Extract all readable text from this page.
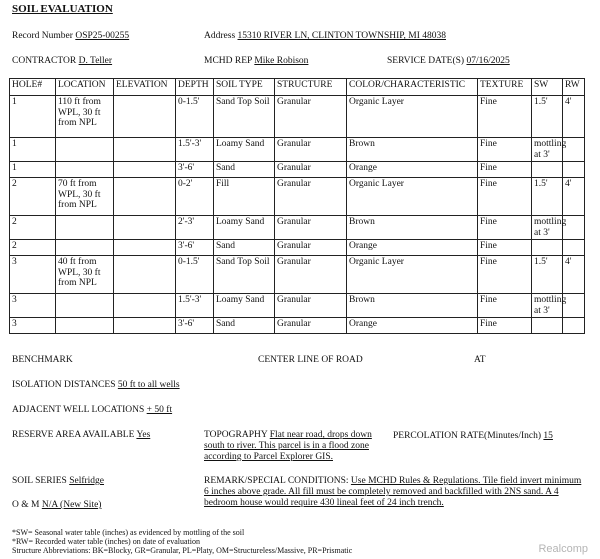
SOIL EVALUATION
Record Number OSP25-00255	Address 15310 RIVER LN, CLINTON TOWNSHIP, MI 48038
CONTRACTOR D. Teller	MCHD REP Mike Robison	SERVICE DATE(S) 07/16/2025
HOLE#	LOCATION	ELEVATION	DEPTH	SOIL TYPE	STRUCTURE	COLOR/CHARACTERISTIC	TEXTURE	SW	RW
1	110 ft from WPL, 30 ft from NPL		0-1.5'	Sand Top Soil	Granular	Organic Layer	Fine	1.5'	4'
1			1.5'-3'	Loamy Sand	Granular	Brown	Fine	mottling at 3'	
1			3'-6'	Sand	Granular	Orange	Fine		
2	70 ft from WPL, 30 ft from NPL		0-2'	Fill	Granular	Organic Layer	Fine	1.5'	4'
2			2'-3'	Loamy Sand	Granular	Brown	Fine	mottling at 3'	
2			3'-6'	Sand	Granular	Orange	Fine		
3	40 ft from WPL, 30 ft from NPL		0-1.5'	Sand Top Soil	Granular	Organic Layer	Fine	1.5'	4'
3			1.5'-3'	Loamy Sand	Granular	Brown	Fine	mottling at 3'	
3			3'-6'	Sand	Granular	Orange	Fine		
BENCHMARK	CENTER LINE OF ROAD	AT
ISOLATION DISTANCES 50 ft to all wells
ADJACENT WELL LOCATIONS + 50 ft
RESERVE AREA AVAILABLE Yes	TOPOGRAPHY Flat near road, drops down south to river. This parcel is in a flood zone according to Parcel Explorer GIS.
PERCOLATION RATE(Minutes/Inch) 15
SOIL SERIES Selfridge	REMARK/SPECIAL CONDITIONS: Use MCHD Rules & Regulations. Tile field invert minimum 6 inches above grade. All fill must be completely removed and backfilled with 2NS sand. A 4 bedroom house would require 430 lineal feet of 24 inch trench.
O & M N/A (New Site)
*SW= Seasonal water table (inches) as evidenced by mottling of the soil
*RW= Recorded water table (inches) on date of evaluation
Structure Abbreviations: BK=Blocky, GR=Granular, PL=Platy, OM=Structureless/Massive, PR=Prismatic	Realcomp
